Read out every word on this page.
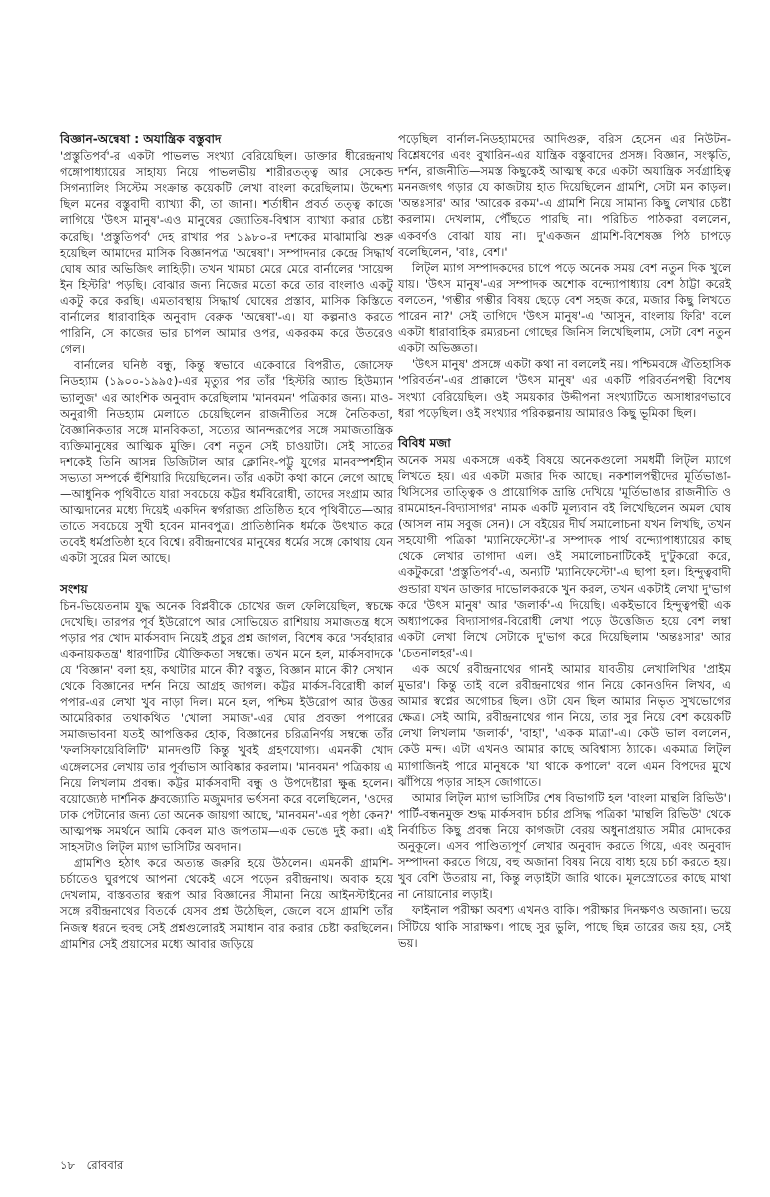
বিজ্ঞান-অন্বেষা : অযান্ত্রিক বস্তুবাদ

'প্রস্তুতিপর্ব'-র একটা পাভলভ সংখ্যা বেরিয়েছিল। ডাক্তার ধীরেন্দ্রনাথ গঙ্গোপাধ্যায়ের সাহায্য নিয়ে পাভলভীয় শারীরতত্ত্ব আর সেকেন্ড সিগন্যালিং সিস্টেম সংক্রান্ত কয়েকটি লেখা বাংলা করেছিলাম। উদ্দেশ্য ছিল মনের বস্তুবাদী ব্যাখ্যা কী, তা জানা। শর্তাধীন প্রবর্ত তত্ত্ব কাজে লাগিয়ে 'উৎস মানুষ'-এও মানুষের জ্যোতিষ-বিশ্বাস ব্যাখ্যা করার চেষ্টা করেছি। 'প্রস্তুতিপর্ব' দেহ রাখার পর ১৯৮০-র দশকের মাঝামাঝি শুরু হয়েছিল আমাদের মাসিক বিজ্ঞানপত্র 'অন্বেষা'। সম্পাদনার কেন্দ্রে সিদ্ধার্থ ঘোষ আর অভিজিৎ লাহিড়ী। তখন খামচা মেরে মেরে বার্নালের 'সায়েন্স ইন হিস্টরি' পড়ছি। বোঝার জন্য নিজের মতো করে তার বাংলাও একটু একটু করে করছি। এমতাবস্থায় সিদ্ধার্থ ঘোষের প্রস্তাব, মাসিক কিস্তিতে বার্নালের ধারাবাহিক অনুবাদ বেরুক 'অন্বেষা'-এ। যা কল্পনাও করতে পারিনি, সে কাজের ভার চাপল আমার ওপর, একরকম করে উতরেও গেল।

বার্নালের ঘনিষ্ঠ বন্ধু, কিন্তু স্বভাবে একেবারে বিপরীত, জোসেফ নিডহ্যাম (১৯০০-১৯৯৫)-এর মৃত্যুর পর তাঁর 'হিস্টরি অ্যান্ড হিউম্যান ভ্যালুজ' এর আংশিক অনুবাদ করেছিলাম 'মানবমন' পত্রিকার জন্য। মাও-অনুরাগী নিডহ্যাম মেলাতে চেয়েছিলেন রাজনীতির সঙ্গে নৈতিকতা, বৈজ্ঞানিকতার সঙ্গে মানবিকতা, সত্যের আনন্দরূপের সঙ্গে সমাজতান্ত্রিক ব্যক্তিমানুষের আত্মিক মুক্তি। বেশ নতুন সেই চাওয়াটা। সেই সাতের দশকেই তিনি আসন্ন ডিজিটাল আর ক্লোনিং-পট্টু যুগের মানবস্পর্শহীন সভ্যতা সম্পর্কে হুঁশিয়ারি দিয়েছিলেন। তাঁর একটা কথা কানে লেগে আছে—আধুনিক পৃথিবীতে যারা সবচেয়ে কট্টর ধর্মবিরোধী, তাদের সংগ্রাম আর আত্মদানের মধ্যে দিয়েই একদিন স্বর্গরাজ্য প্রতিষ্ঠিত হবে পৃথিবীতে—আর তাতে সবচেয়ে সুখী হবেন মানবপুত্র। প্রাতিষ্ঠানিক ধর্মকে উৎখাত করে তবেই ধর্মপ্রতিষ্ঠা হবে বিশ্বে। রবীন্দ্রনাথের মানুষের ধর্মের সঙ্গে কোথায় যেন একটা সুরের মিল আছে।

সংশয়

চিন-ভিয়েতনাম যুদ্ধ অনেক বিপ্লবীকে চোখের জল ফেলিয়েছিল, স্বচক্ষে দেখেছি। তারপর পূর্ব ইউরোপে আর সোভিয়েত রাশিয়ায় সমাজতন্ত্র ধসে পড়ার পর খোদ মার্কসবাদ নিয়েই প্রচুর প্রশ্ন জাগল, বিশেষ করে 'সর্বহারার একনায়কতন্ত্র' ধারণাটির যৌক্তিকতা সম্বন্ধে। তখন মনে হল, মার্কসবাদকে যে 'বিজ্ঞান' বলা হয়, কথাটার মানে কী? বস্তুত, বিজ্ঞান মানে কী? সেখান থেকে বিজ্ঞানের দর্শন নিয়ে আগ্রহ জাগল। কট্টর মার্কস-বিরোধী কার্ল পপার-এর লেখা খুব নাড়া দিল। মনে হল, পশ্চিম ইউরোপ আর উত্তর আমেরিকার তথাকথিত 'খোলা সমাজ'-এর ঘোর প্রবক্তা পপারের সমাজভাবনা যতই আপত্তিকর হোক, বিজ্ঞানের চরিত্রনির্ণয় সম্বন্ধে তাঁর 'ফলসিফায়েবিলিটি' মানদণ্ডটি কিন্তু খুবই গ্রহণযোগ্য। এমনকী খোদ এঙ্গেলসের লেখায় তার পূর্বাভাস আবিষ্কার করলাম। 'মানবমন' পত্রিকায় এ নিয়ে লিখলাম প্রবন্ধ। কট্টর মার্কসবাদী বন্ধু ও উপদেষ্টারা ক্ষুব্ধ হলেন। বয়োজ্যেষ্ঠ দার্শনিক ধ্রুবজ্যোতি মজুমদার ভর্ৎসনা করে বলেছিলেন, 'ওদের ঢাক পেটানোর জন্য তো অনেক জায়গা আছে, 'মানবমন'-এর পৃষ্ঠা কেন?' আত্মপক্ষ সমর্থনে আমি কেবল মাও জপতাম—এক ভেঙে দুই করা। এই সাহসটাও লিট্ল ম্যাগ ভাসিটির অবদান।

গ্রামশিও হঠাৎ করে অত্যন্ত জরুরি হয়ে উঠলেন। এমনকী গ্রামশি-চর্চাতেও ঘুরপথে আপনা থেকেই এসে পড়েন রবীন্দ্রনাথ। অবাক হয়ে দেখলাম, বাস্তবতার স্বরূপ আর বিজ্ঞানের সীমানা নিয়ে আইনস্টাইনের সঙ্গে রবীন্দ্রনাথের বিতর্কে যেসব প্রশ্ন উঠেছিল, জেলে বসে গ্রামশি তাঁর নিজস্ব ধরনে হুবহু সেই প্রশ্নগুলোরই সমাধান বার করার চেষ্টা করছিলেন। গ্রামশির সেই প্রয়াসের মধ্যে আবার জড়িয়ে

পড়েছিল বার্নাল-নিডহ্যামদের আদিগুরু, বরিস হেসেন এর নিউটন-বিশ্লেষণের এবং বুখারিন-এর যান্ত্রিক বস্তুবাদের প্রসঙ্গ। বিজ্ঞান, সংস্কৃতি, দর্শন, রাজনীতি—সমস্ত কিছুকেই আত্মস্থ করে একটা অযান্ত্রিক সর্বগ্রাহিত্ব মননজগৎ গড়ার যে কাজটায় হাত দিয়েছিলেন গ্রামশি, সেটা মন কাড়ল। 'অন্তঃসার' আর 'আরেক রকম'-এ গ্রামশি নিয়ে সামান্য কিছু লেখার চেষ্টা করলাম। দেখলাম, পৌঁছতে পারছি না। পরিচিত পাঠকরা বললেন, একবর্ণও বোঝা যায় না। দু'একজন গ্রামশি-বিশেষজ্ঞ পিঠ চাপড়ে বলেছিলেন, 'বাঃ, বেশ।'

লিট্ল ম্যাগ সম্পাদকদের চাপে পড়ে অনেক সময় বেশ নতুন দিক খুলে যায়। 'উৎস মানুষ'-এর সম্পাদক অশোক বন্দ্যোপাধ্যায় বেশ ঠাট্টা করেই বলতেন, 'গম্ভীর গম্ভীর বিষয় ছেড়ে বেশ সহজ করে, মজার কিছু লিখতে পারেন না?' সেই তাগিদে 'উৎস মানুষ'-এ 'আসুন, বাংলায় ফিরি' বলে একটা ধারাবাহিক রম্যরচনা গোছের জিনিস লিখেছিলাম, সেটা বেশ নতুন একটা অভিজ্ঞতা।

'উৎস মানুষ' প্রসঙ্গে একটা কথা না বললেই নয়। পশ্চিমবঙ্গে ঐতিহাসিক 'পরিবর্তন'-এর প্রাক্কালে 'উৎস মানুষ' এর একটি পরিবর্তনপন্থী বিশেষ সংখ্যা বেরিয়েছিল। ওই সময়কার উদ্দীপনা সংখ্যাটিতে অসাধারণভাবে ধরা পড়েছিল। ওই সংখ্যার পরিকল্পনায় আমারও কিছু ভূমিকা ছিল।

বিবিধ মজা

অনেক সময় একসঙ্গে একই বিষয়ে অনেকগুলো সমধর্মী লিট্ল ম্যাগে লিখতে হয়। এর একটা মজার দিক আছে। নকশালপন্থীদের মূর্তিভাঙা-থিসিসের তাত্ত্বিক ও প্রায়োগিক ভ্রান্তি দেখিয়ে 'মূর্তিভাঙার রাজনীতি ও রামমোহন-বিদ্যাসাগর' নামক একটি মূল্যবান বই লিখেছিলেন অমল ঘোষ (আসল নাম সবুজ সেন)। সে বইয়ের দীর্ঘ সমালোচনা যখন লিখছি, তখন সহযোগী পত্রিকা 'ম্যানিফেস্টো'-র সম্পাদক পার্থ বন্দ্যোপাধ্যায়ের কাছ থেকে লেখার তাগাদা এল। ওই সমালোচনাটিকেই দু'টুকরো করে, একটুকরো 'প্রস্তুতিপর্ব'-এ, অন্যটি 'ম্যানিফেস্টো'-এ ছাপা হল। হিন্দুত্ববাদী গুন্ডারা যখন ডাক্তার দাভোলকরকে খুন করল, তখন একটাই লেখা দু'ভাগ করে 'উৎস মানুষ' আর 'জলার্ক'-এ দিয়েছি। একইভাবে হিন্দুত্বপন্থী এক অধ্যাপকের বিদ্যাসাগর-বিরোধী লেখা পড়ে উত্তেজিত হয়ে বেশ লম্বা একটা লেখা লিখে সেটাকে দু'ভাগ করে দিয়েছিলাম 'অন্তঃসার' আর 'চেতনালহর'-এ।

এক অর্থে রবীন্দ্রনাথের গানই আমার যাবতীয় লেখালিখির 'প্রাইম মুভার'। কিন্তু তাই বলে রবীন্দ্রনাথের গান নিয়ে কোনওদিন লিখব, এ আমার স্বপ্নের অগোচর ছিল। ওটা যেন ছিল আমার নিভৃত সুখভোগের ক্ষেত্র। সেই আমি, রবীন্দ্রনাথের গান নিয়ে, তার সুর নিয়ে বেশ কয়েকটি লেখা লিখলাম 'জলার্ক', 'বাহা', 'একক মাত্রা'-এ। কেউ ভাল বললেন, কেউ মন্দ। এটা এখনও আমার কাছে অবিশ্বাস্য ঠ্যাকে। একমাত্র লিট্ল ম্যাগাজিনই পারে মানুষকে 'যা থাকে কপালে' বলে এমন বিপদের মুখে ঝাঁপিয়ে পড়ার সাহস জোগাতে।

আমার লিট্ল ম্যাগ ভাসিটির শেষ বিভাগটি হল 'বাংলা মান্থলি রিভিউ'। পার্টি-বন্ধনমুক্ত শুদ্ধ মার্কসবাদ চর্চার প্রসিদ্ধ পত্রিকা 'মান্থলি রিভিউ' থেকে নির্বাচিত কিছু প্রবন্ধ নিয়ে কাগজটা বেরয় অধুনাপ্রয়াত সমীর মোদকের অনুকূলে। এসব পাণ্ডিত্যপূর্ণ লেখার অনুবাদ করতে গিয়ে, এবং অনুবাদ সম্পাদনা করতে গিয়ে, বহু অজানা বিষয় নিয়ে বাধ্য হয়ে চর্চা করতে হয়। খুব বেশি উতরায় না, কিন্তু লড়াইটা জারি থাকে। মূলস্রোতের কাছে মাথা না নোয়ানোর লড়াই।

ফাইনাল পরীক্ষা অবশ্য এখনও বাকি। পরীক্ষার দিনক্ষণও অজানা। ভয়ে সিঁটিয়ে থাকি সারাক্ষণ। পাছে সুর ভুলি, পাছে ছিন্ন তারের জয় হয়, সেই ভয়।

১৮ রোববার
